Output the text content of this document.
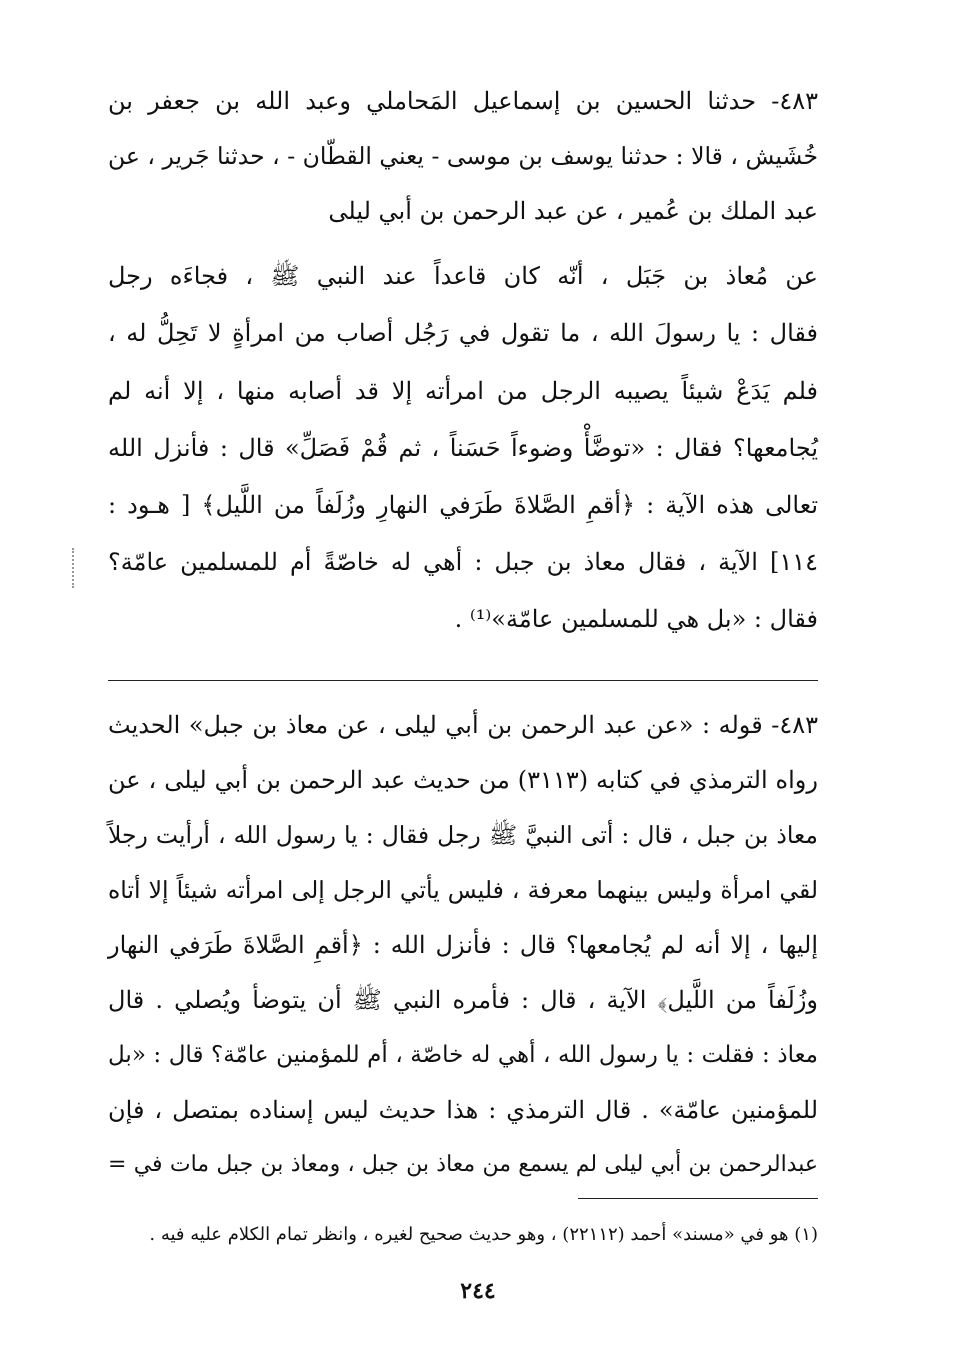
٤٨٣- حدثنا الحسين بن إسماعيل المَحاملي وعبد الله بن جعفر بن
خُشَيش ، قالا : حدثنا يوسف بن موسى - يعني القطّان - ، حدثنا جَرير ، عن
عبد الملك بن عُمير ، عن عبد الرحمن بن أبي ليلى
عن مُعاذ بن جَبَل ، أنّه كان قاعداً عند النبي ﷺ ، فجاءَه رجل
فقال : يا رسولَ الله ، ما تقول في رَجُل أصاب من امرأةٍ لا تَحِلُّ له ،
فلم يَدَعْ شيئاً يصيبه الرجل من امرأته إلا قد أصابه منها ، إلا أنه لم
يُجامعها؟ فقال : «توضَّأْ وضوءاً حَسَناً ، ثم قُمْ فَصَلِّ» قال : فأنزل الله
تعالى هذه الآية : ﴿أقمِ الصَّلاةَ طَرَفي النهارِ وزُلَفاً من اللَّيل﴾ [ هـود :
١١٤] الآية ، فقال معاذ بن جبل : أهي له خاصّةً أم للمسلمين عامّة؟
فقال : «بل هي للمسلمين عامّة»⁽¹⁾ .
٤٨٣- قوله : «عن عبد الرحمن بن أبي ليلى ، عن معاذ بن جبل» الحديث
رواه الترمذي في كتابه (٣١١٣) من حديث عبد الرحمن بن أبي ليلى ، عن
معاذ بن جبل ، قال : أتى النبيَّ ﷺ رجل فقال : يا رسول الله ، أرأيت رجلاً
لقي امرأة وليس بينهما معرفة ، فليس يأتي الرجل إلى امرأته شيئاً إلا أتاه
إليها ، إلا أنه لم يُجامعها؟ قال : فأنزل الله : ﴿أقمِ الصَّلاةَ طَرَفي النهار
وزُلَفاً من اللَّيل﴾ الآية ، قال : فأمره النبي ﷺ أن يتوضأ ويُصلي . قال
معاذ : فقلت : يا رسول الله ، أهي له خاصّة ، أم للمؤمنين عامّة؟ قال : «بل
للمؤمنين عامّة» . قال الترمذي : هذا حديث ليس إسناده بمتصل ، فإن
عبدالرحمن بن أبي ليلى لم يسمع من معاذ بن جبل ، ومعاذ بن جبل مات في =
(١) هو في «مسند» أحمد (٢٢١١٢) ، وهو حديث صحيح لغيره ، وانظر تمام الكلام عليه فيه .
٢٤٤
